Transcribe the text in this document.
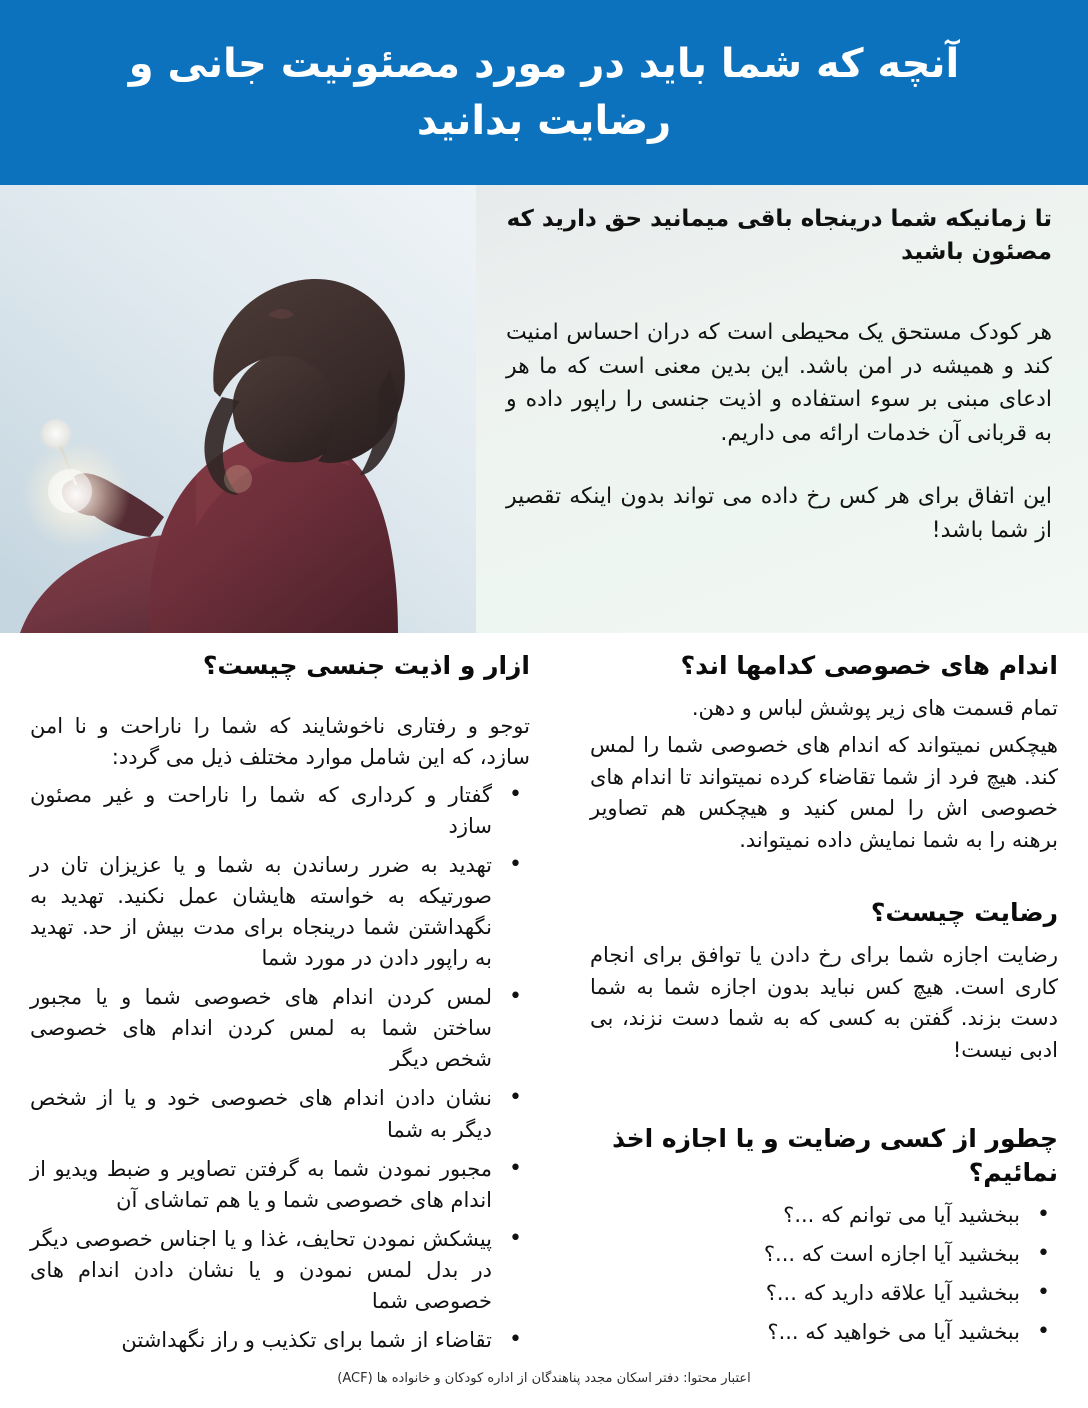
آنچه که شما باید در مورد مصئونیت جانی و رضایت بدانید

تا زمانیکه شما درینجاه باقی میمانید حق دارید که مصئون باشید

هر کودک مستحق یک محیطی است که دران احساس امنیت کند و همیشه در امن باشد. این بدین معنی است که ما هر ادعای مبنی بر سوء استفاده و اذیت جنسی را راپور داده و به قربانی آن خدمات ارائه می داریم.

این اتفاق برای هر کس رخ داده می تواند بدون اینکه تقصیر از شما باشد!

اندام های خصوصی کدامها اند؟

تمام قسمت های زیر پوشش لباس و دهن.

هیچکس نمیتواند که اندام های خصوصی شما را لمس کند. هیچ فرد از شما تقاضاء کرده نمیتواند تا اندام های خصوصی اش را لمس کنید و هیچکس هم تصاویر برهنه را به شما نمایش داده نمیتواند.

رضایت چیست؟

رضایت اجازه شما برای رخ دادن یا توافق برای انجام کاری است. هیچ کس نباید بدون اجازه شما به شما دست بزند. گفتن به کسی که به شما دست نزند، بی ادبی نیست!

چطور از کسی رضایت و یا اجازه اخذ نمائیم؟
• ببخشید آیا می توانم که ...؟
• ببخشید آیا اجازه است که ...؟
• ببخشید آیا علاقه دارید که ...؟
• ببخشید آیا می خواهید که ...؟
ازار و اذیت جنسی چیست؟

توجو و رفتاری ناخوشایند که شما را ناراحت و نا امن سازد، که این شامل موارد مختلف ذیل می گردد:

• گفتار و کرداری که شما را ناراحت و غیر مصئون سازد
• تهدید به ضرر رساندن به شما و یا عزیزان تان در صورتیکه به خواسته هایشان عمل نکنید. تهدید به نگهداشتن شما درینجاه برای مدت بیش از حد. تهدید به راپور دادن در مورد شما
• لمس کردن اندام های خصوصی شما و یا مجبور ساختن شما به لمس کردن اندام های خصوصی شخص دیگر
• نشان دادن اندام های خصوصی خود و یا از شخص دیگر به شما
• مجبور نمودن شما به گرفتن تصاویر و ضبط ویدیو از اندام های خصوصی شما و یا هم تماشای آن
• پیشکش نمودن تحایف، غذا و یا اجناس خصوصی دیگر در بدل لمس نمودن و یا نشان دادن اندام های خصوصی شما
• تقاضاء از شما برای تکذیب و راز نگهداشتن
اعتبار محتوا: دفتر اسکان مجدد پناهندگان از اداره کودکان و خانواده ها (ACF)
